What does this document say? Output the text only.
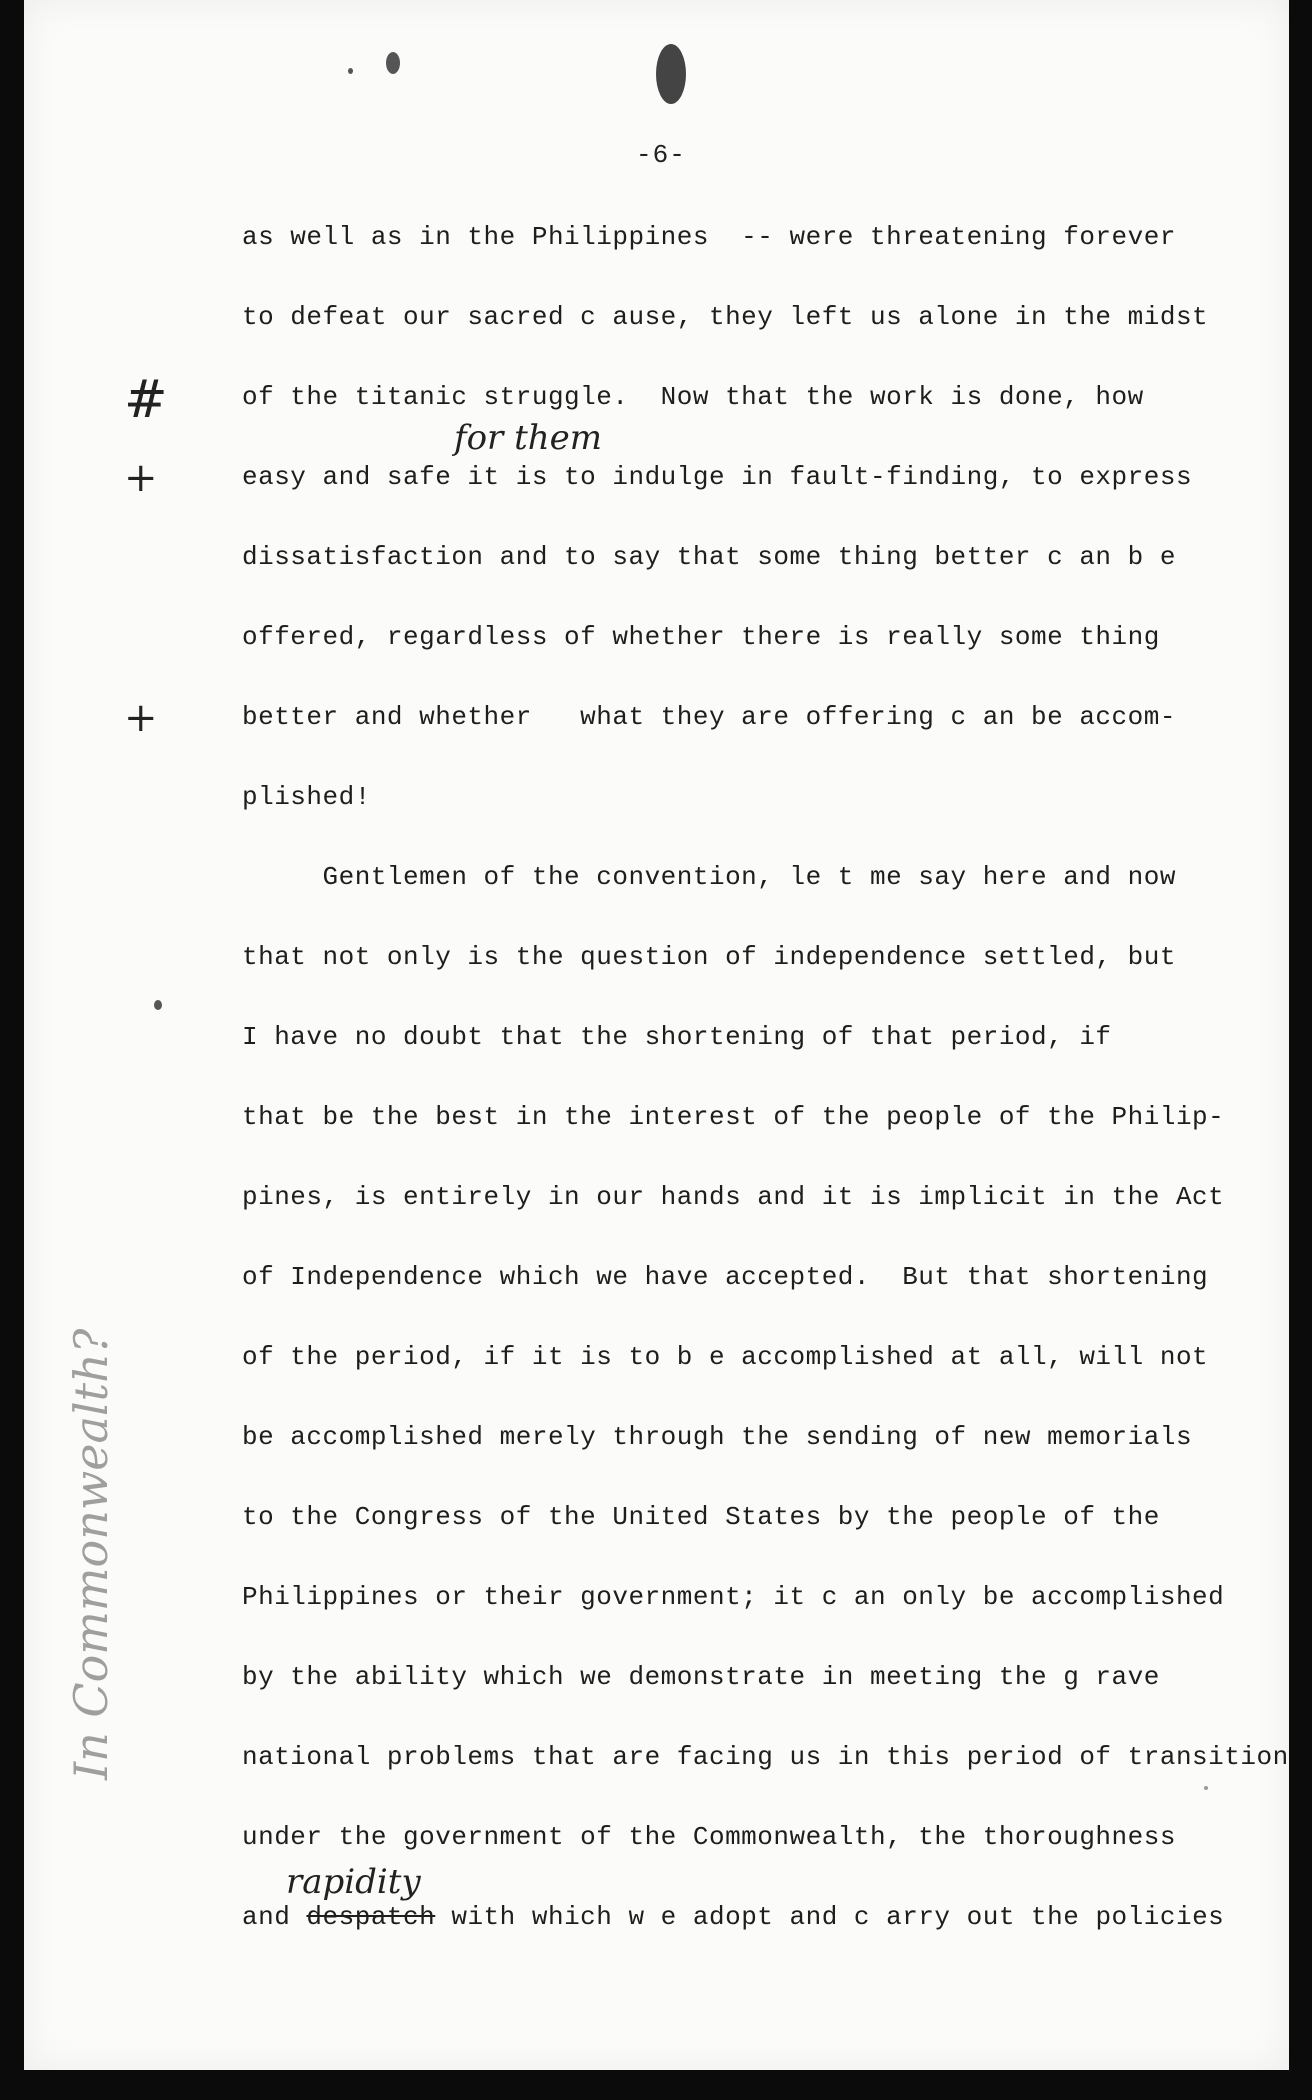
-6-
as well as in the Philippines  -- were threatening forever
to defeat our sacred c ause, they left us alone in the midst
of the titanic struggle.  Now that the work is done, how
easy and safe it is to indulge in fault-finding, to express
dissatisfaction and to say that some thing better c an b e
offered, regardless of whether there is really some thing
better and whether   what they are offering c an be accom-
plished!
Gentlemen of the convention, le t me say here and now
that not only is the question of independence settled, but
I have no doubt that the shortening of that period, if
that be the best in the interest of the people of the Philip-
pines, is entirely in our hands and it is implicit in the Act
of Independence which we have accepted.  But that shortening
of the period, if it is to b e accomplished at all, will not
be accomplished merely through the sending of new memorials
to the Congress of the United States by the people of the
Philippines or their government; it c an only be accomplished
by the ability which we demonstrate in meeting the g rave
national problems that are facing us in this period of transition
under the government of the Commonwealth, the thoroughness
and despatch with which w e adopt and c arry out the policies
for them
rapidity
#
+
+
In Commonwealth?
